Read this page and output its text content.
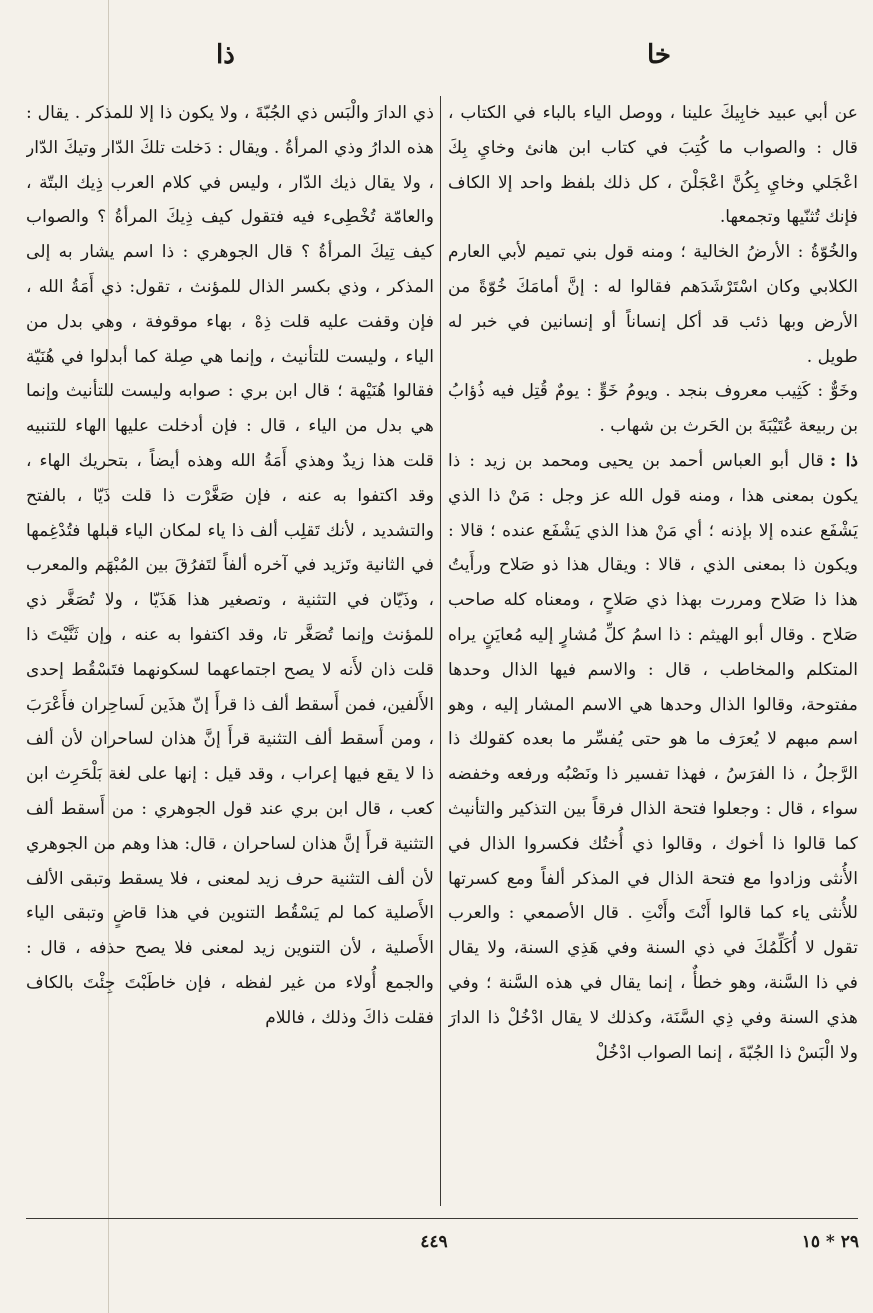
خا
ذا

عن أبي عبيد خابِيكَ علينا ، ووصل الياء بالباء في الكتاب ، قال : والصواب ما كُتِبَ في كتاب ابن هانئ وخايِ بِكَ اعْجَلي وخايِ بِكُنَّ اعْجَلْنَ ، كل ذلك بلفظ واحد إلا الكاف فإنك تُثنّيها وتجمعها.

والخُوّةُ : الأرضُ الخالية ؛ ومنه قول بني تميم لأبي العارم الكلابي وكان اسْتَرْشَدَهم فقالوا له : إنَّ أمامَكَ خُوّةً من الأرض وبها ذئب قد أكل إنساناً أو إنسانين في خبر له طويل .

وخَوٌّ : كَثِيب معروف بنجد . ويومُ خَوٍّ : يومٌ قُتِل فيه ذُؤابُ بن ربيعة عُتَيْبَةَ بن الحَرث بن شهاب .

ذا :قال أبو العباس أحمد بن يحيى ومحمد بن زيد : ذا يكون بمعنى هذا ، ومنه قول الله عز وجل : مَنْ ذا الذي يَشْفَع عنده إلا بإذنه ؛ أي مَنْ هذا الذي يَشْفَع عنده ؛ قالا : ويكون ذا بمعنى الذي ، قالا : ويقال هذا ذو صَلاح ورأَيتُ هذا ذا صَلاح ومررت بهذا ذي صَلاحٍ ، ومعناه كله صاحب صَلاح . وقال أبو الهيثم : ذا اسمُ كلِّ مُشارٍ إليه مُعايَنٍ يراه المتكلم والمخاطب ، قال : والاسم فيها الذال وحدها مفتوحة، وقالوا الذال وحدها هي الاسم المشار إليه ، وهو اسم مبهم لا يُعرَف ما هو حتى يُفسِّر ما بعده كقولك ذا الرَّجلُ ، ذا الفرَسُ ، فهذا تفسير ذا ونَصْبُه ورفعه وخفضه سواء ، قال : وجعلوا فتحة الذال فرقاً بين التذكير والتأنيث كما قالوا ذا أخوك ، وقالوا ذي أُختُك فكسروا الذال في الأُنثى وزادوا مع فتحة الذال في المذكر ألفاً ومع كسرتها للأُنثى ياء كما قالوا أَنْتَ وأَنْتِ . قال الأصمعي : والعرب تقول لا أُكَلِّمُكَ في ذي السنة وفي هَذِي السنة، ولا يقال في ذا السَّنة، وهو خطأٌ ، إنما يقال في هذه السَّنة ؛ وفي هذي السنة وفي ذِي السَّنَة، وكذلك لا يقال ادْخُلْ ذا الدارَ ولا الْبَسْ ذا الجُبّةَ ، إنما الصواب ادْخُلْ

ذي الدارَ والْبَس ذي الجُبّةَ ، ولا يكون ذا إلا للمذكر . يقال : هذه الدارُ وذي المرأةُ . ويقال : دَخلت تلكَ الدّار وتيكَ الدّار ، ولا يقال ذيك الدّار ، وليس في كلام العرب ذِيك البتّة ، والعامّة تُخْطِىء فيه فتقول كيف ذِيكَ المرأةُ ؟ والصواب كيف تِيكَ المرأةُ ؟ قال الجوهري : ذا اسم يشار به إلى المذكر ، وذي بكسر الذال للمؤنث ، تقول: ذي أَمَةُ الله ، فإن وقفت عليه قلت ذِهْ ، بهاء موقوفة ، وهي بدل من الياء ، وليست للتأنيث ، وإنما هي صِلة كما أبدلوا في هُنَيّة فقالوا هُنَيْهة ؛ قال ابن بري : صوابه وليست للتأنيث وإنما هي بدل من الياء ، قال : فإن أدخلت عليها الهاء للتنبيه قلت هذا زيدٌ وهذي أَمَةُ الله وهذه أيضاً ، بتحريك الهاء ، وقد اكتفوا به عنه ، فإن صَغَّرْت ذا قلت ذَيّا ، بالفتح والتشديد ، لأنك تَقلِب ألف ذا ياء لمكان الياء قبلها فتُدْغِمها في الثانية وتَزيد في آخره ألفاً لتَفرُقَ بين المُبْهَم والمعرب ، وذَيّان في التثنية ، وتصغير هذا هَذَيّا ، ولا تُصَغَّر ذي للمؤنث وإنما تُصَغَّر تا، وقد اكتفوا به عنه ، وإن ثَنَّيْتَ ذا قلت ذان لأَنه لا يصح اجتماعهما لسكونهما فتَسْقُط إحدى الأَلفين، فمن أَسقط ألف ذا قرأَ إنّ هذَين لَساحِران فأَعْرَبَ ، ومن أَسقط ألف التثنية قرأَ إنَّ هذان لساحران لأن ألف ذا لا يقع فيها إعراب ، وقد قيل : إنها على لغة بَلْحَرِث ابن كعب ، قال ابن بري عند قول الجوهري : من أَسقط ألف التثنية قرأَ إنَّ هذان لساحران ، قال: هذا وهم من الجوهري لأن ألف التثنية حرف زيد لمعنى ، فلا يسقط وتبقى الألف الأَصلية كما لم يَسْقُط التنوين في هذا قاضٍ وتبقى الياء الأَصلية ، لأن التنوين زيد لمعنى فلا يصح حذفه ، قال : والجمع أُولاء من غير لفظه ، فإن خاطَبْتَ جِئْتَ بالكاف فقلت ذاكَ وذلك ، فاللام

٤٤٩	٢٩ * ١٥
